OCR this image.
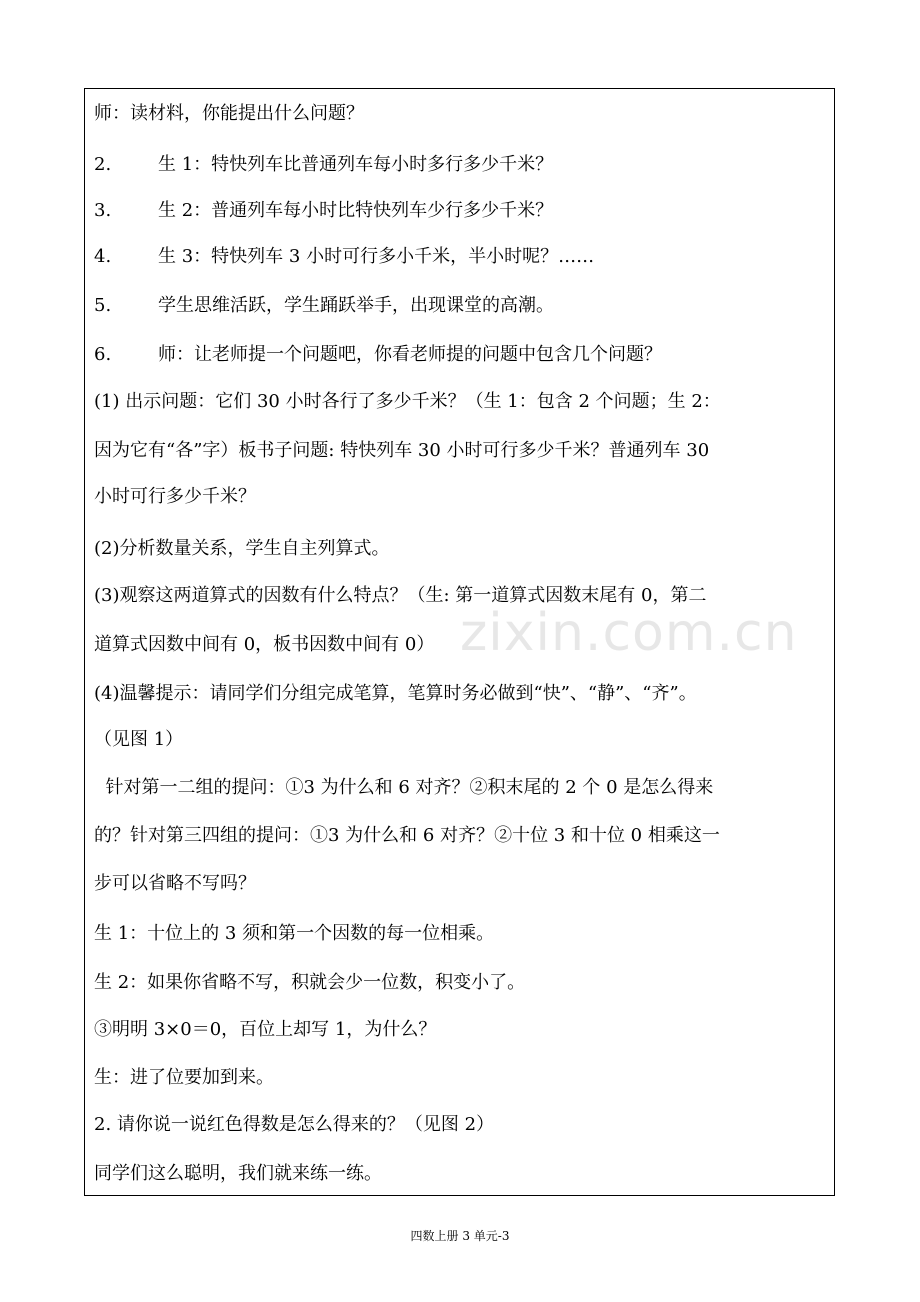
师：读材料，你能提出什么问题？
2.	生 1：特快列车比普通列车每小时多行多少千米？
3.	生 2：普通列车每小时比特快列车少行多少千米？
4.	生 3：特快列车 3 小时可行多小千米，半小时呢？……
5.	学生思维活跃，学生踊跃举手，出现课堂的高潮。
6.	师：让老师提一个问题吧，你看老师提的问题中包含几个问题？
(1) 出示问题：它们 30 小时各行了多少千米？（生 1：包含 2 个问题；生 2：
因为它有“各”字）板书子问题: 特快列车 30 小时可行多少千米？普通列车 30
小时可行多少千米？
(2)分析数量关系，学生自主列算式。
(3)观察这两道算式的因数有什么特点？（生: 第一道算式因数末尾有 0，第二
道算式因数中间有 0，板书因数中间有 0）
(4)温馨提示：请同学们分组完成笔算，笔算时务必做到“快”、“静”、“齐”。
（见图 1）
针对第一二组的提问：①3 为什么和 6 对齐？②积末尾的 2 个 0 是怎么得来
的？针对第三四组的提问：①3 为什么和 6 对齐？②十位 3 和十位 0 相乘这一
步可以省略不写吗？
生 1：十位上的 3 须和第一个因数的每一位相乘。
生 2：如果你省略不写，积就会少一位数，积变小了。
③明明 3×0＝0，百位上却写 1，为什么？
生：进了位要加到来。
2. 请你说一说红色得数是怎么得来的？（见图 2）
同学们这么聪明，我们就来练一练。
zixin.com.cn
四数上册 3 单元-3
